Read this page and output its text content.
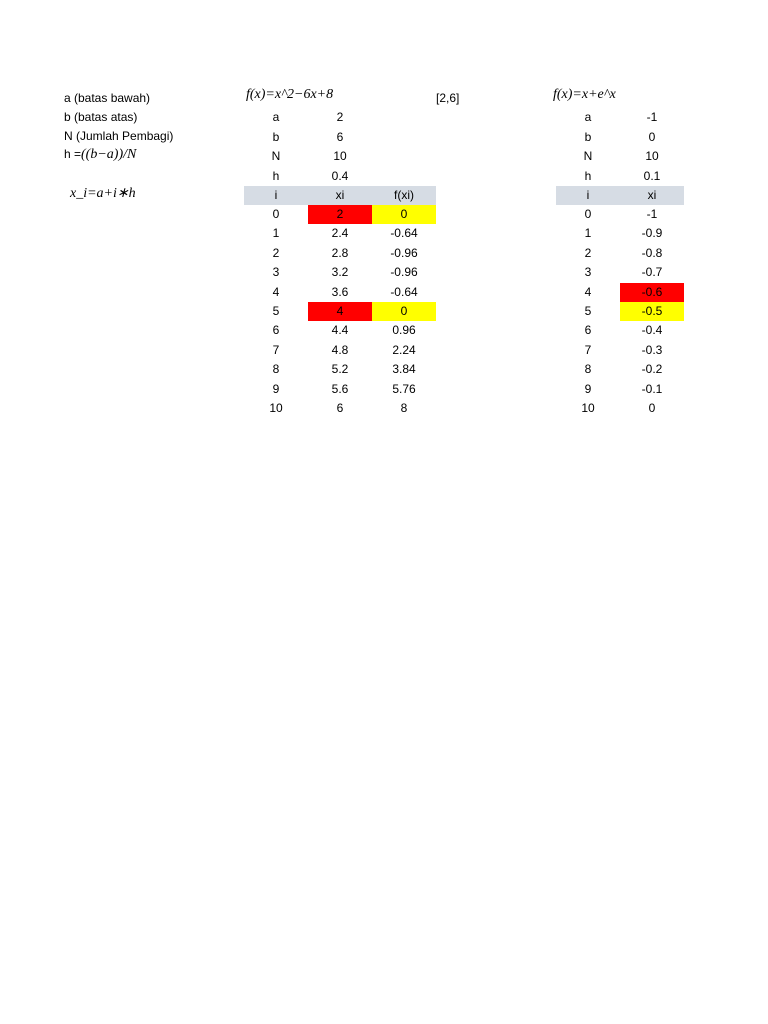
a (batas bawah)
b (batas atas)
N (Jumlah Pembagi)
h =((b−a))/N
x_i=a+i∗h
f(x)=x^2−6x+8	[2,6]
a	2
b	6
N	10
h	0.4
i	xi	f(xi)
0	2	0
1	2.4	-0.64
2	2.8	-0.96
3	3.2	-0.96
4	3.6	-0.64
5	4	0
6	4.4	0.96
7	4.8	2.24
8	5.2	3.84
9	5.6	5.76
10	6	8
f(x)=x+e^x
a	-1
b	0
N	10
h	0.1
i	xi
0	-1
1	-0.9
2	-0.8
3	-0.7
4	-0.6
5	-0.5
6	-0.4
7	-0.3
8	-0.2
9	-0.1
10	0
